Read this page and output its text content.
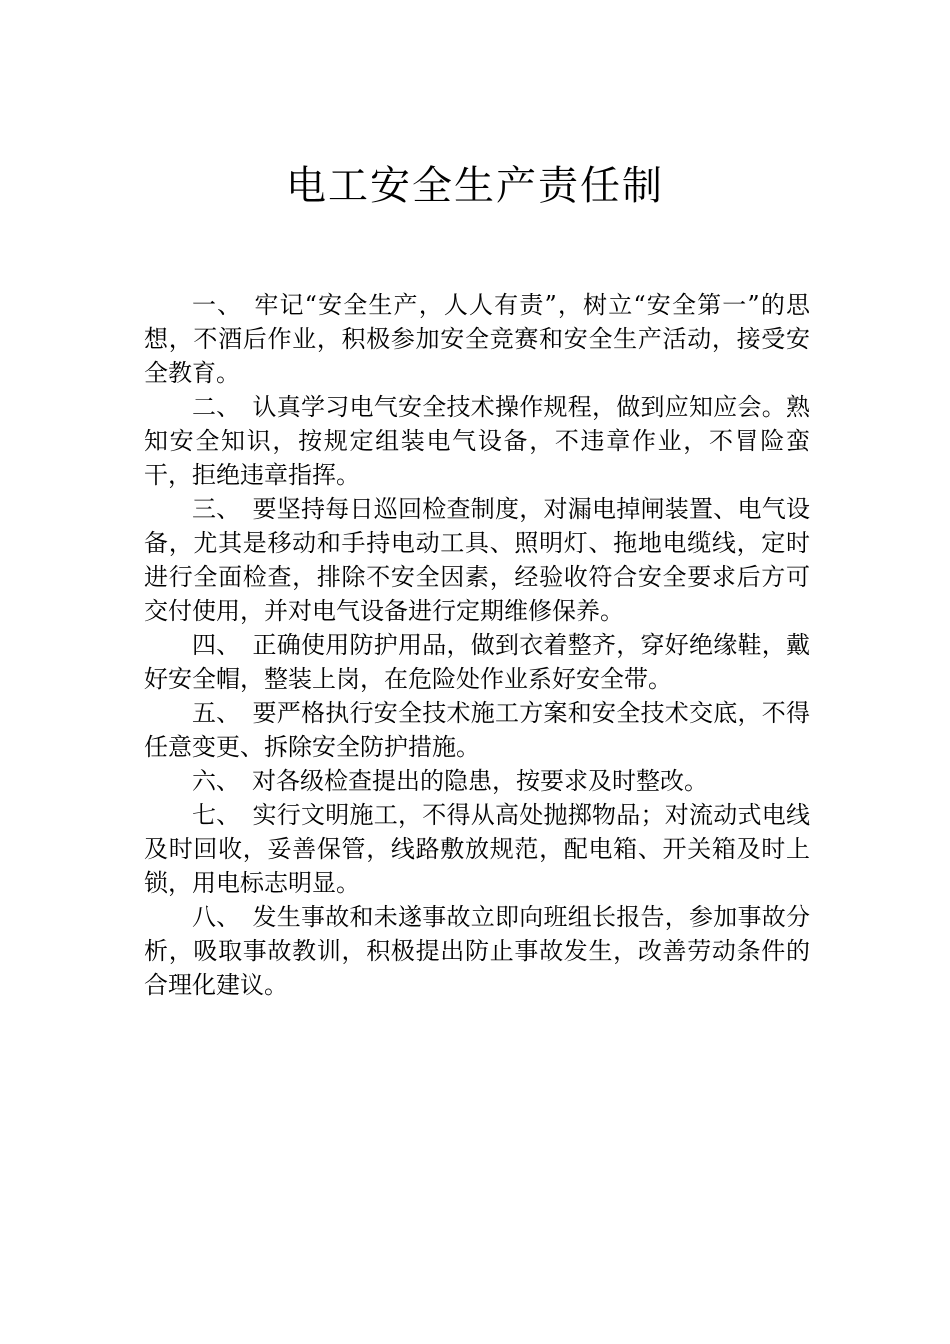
电工安全生产责任制

一、 牢记“安全生产，人人有责”，树立“安全第一”的思想，不酒后作业，积极参加安全竞赛和安全生产活动，接受安全教育。

二、 认真学习电气安全技术操作规程，做到应知应会。熟知安全知识，按规定组装电气设备，不违章作业，不冒险蛮干，拒绝违章指挥。

三、 要坚持每日巡回检查制度，对漏电掉闸装置、电气设备，尤其是移动和手持电动工具、照明灯、拖地电缆线，定时进行全面检查，排除不安全因素，经验收符合安全要求后方可交付使用，并对电气设备进行定期维修保养。

四、 正确使用防护用品，做到衣着整齐，穿好绝缘鞋，戴好安全帽，整装上岗，在危险处作业系好安全带。

五、 要严格执行安全技术施工方案和安全技术交底，不得任意变更、拆除安全防护措施。

六、 对各级检查提出的隐患，按要求及时整改。

七、 实行文明施工，不得从高处抛掷物品；对流动式电线及时回收，妥善保管，线路敷放规范，配电箱、开关箱及时上锁，用电标志明显。

八、 发生事故和未遂事故立即向班组长报告，参加事故分析，吸取事故教训，积极提出防止事故发生，改善劳动条件的合理化建议。
